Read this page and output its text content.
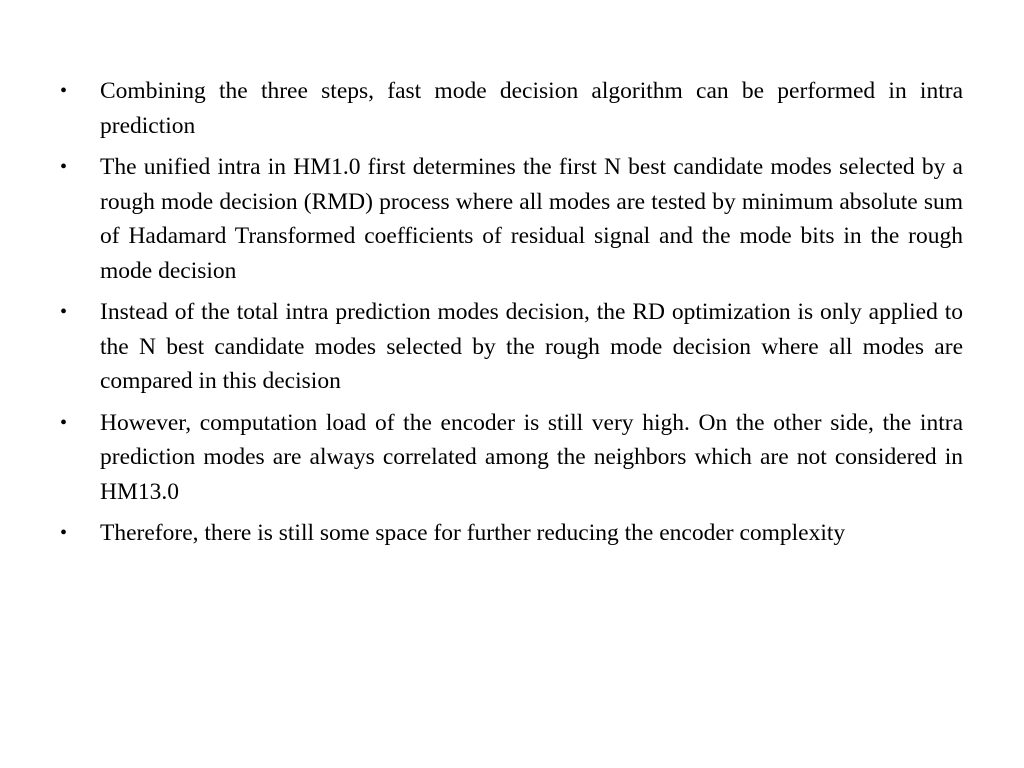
• Combining the three steps, fast mode decision algorithm can be performed in intra prediction
• The unified intra in HM1.0 first determines the first N best candidate modes selected by a rough mode decision (RMD) process where all modes are tested by minimum absolute sum of Hadamard Transformed coefficients of residual signal and the mode bits in the rough mode decision
• Instead of the total intra prediction modes decision, the RD optimization is only applied to the N best candidate modes selected by the rough mode decision where all modes are compared in this decision
• However, computation load of the encoder is still very high. On the other side, the intra prediction modes are always correlated among the neighbors which are not considered in HM13.0
• Therefore, there is still some space for further reducing the encoder complexity
